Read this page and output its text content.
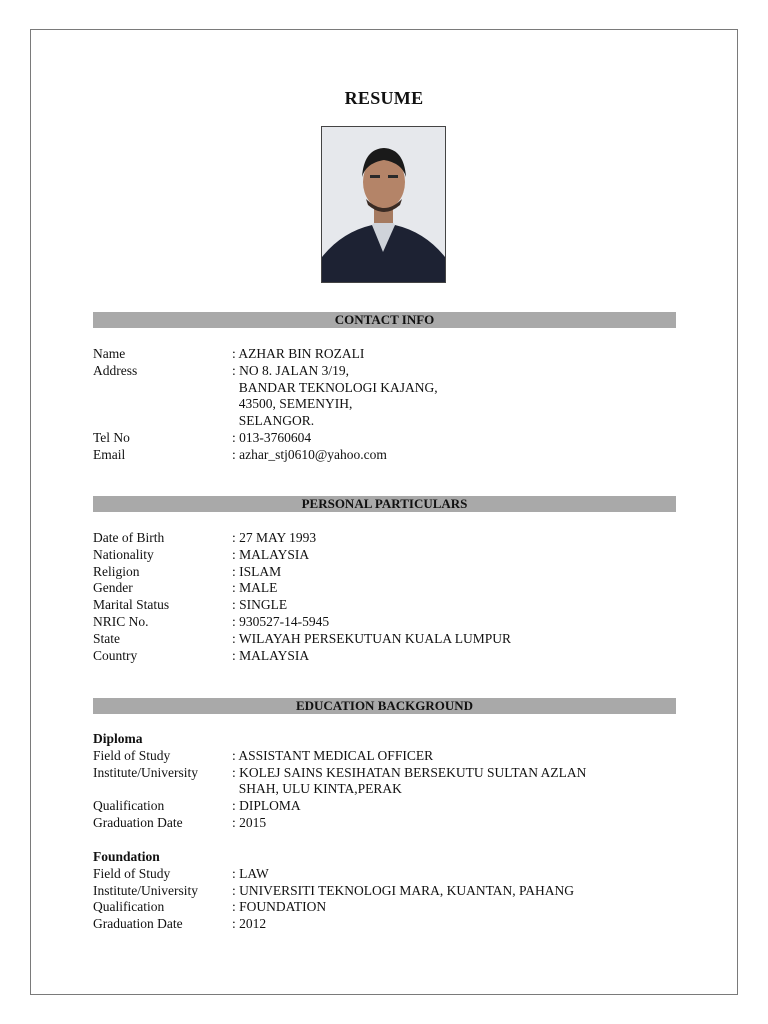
RESUME
CONTACT INFO
Name	: AZHAR BIN ROZALI
Address	: NO 8. JALAN 3/19,
BANDAR TEKNOLOGI KAJANG,
43500, SEMENYIH,
SELANGOR.
Tel No	: 013-3760604
Email	: azhar_stj0610@yahoo.com
PERSONAL PARTICULARS
Date of Birth	: 27 MAY 1993
Nationality	: MALAYSIA
Religion	: ISLAM
Gender	: MALE
Marital Status	: SINGLE
NRIC No.	: 930527-14-5945
State	: WILAYAH PERSEKUTUAN KUALA LUMPUR
Country	: MALAYSIA
EDUCATION BACKGROUND
Diploma
Field of Study	: ASSISTANT MEDICAL OFFICER
Institute/University	: KOLEJ SAINS KESIHATAN BERSEKUTU SULTAN AZLAN
SHAH, ULU KINTA,PERAK
Qualification	: DIPLOMA
Graduation Date	: 2015
Foundation
Field of Study	: LAW
Institute/University	: UNIVERSITI TEKNOLOGI MARA, KUANTAN, PAHANG
Qualification	: FOUNDATION
Graduation Date	: 2012
